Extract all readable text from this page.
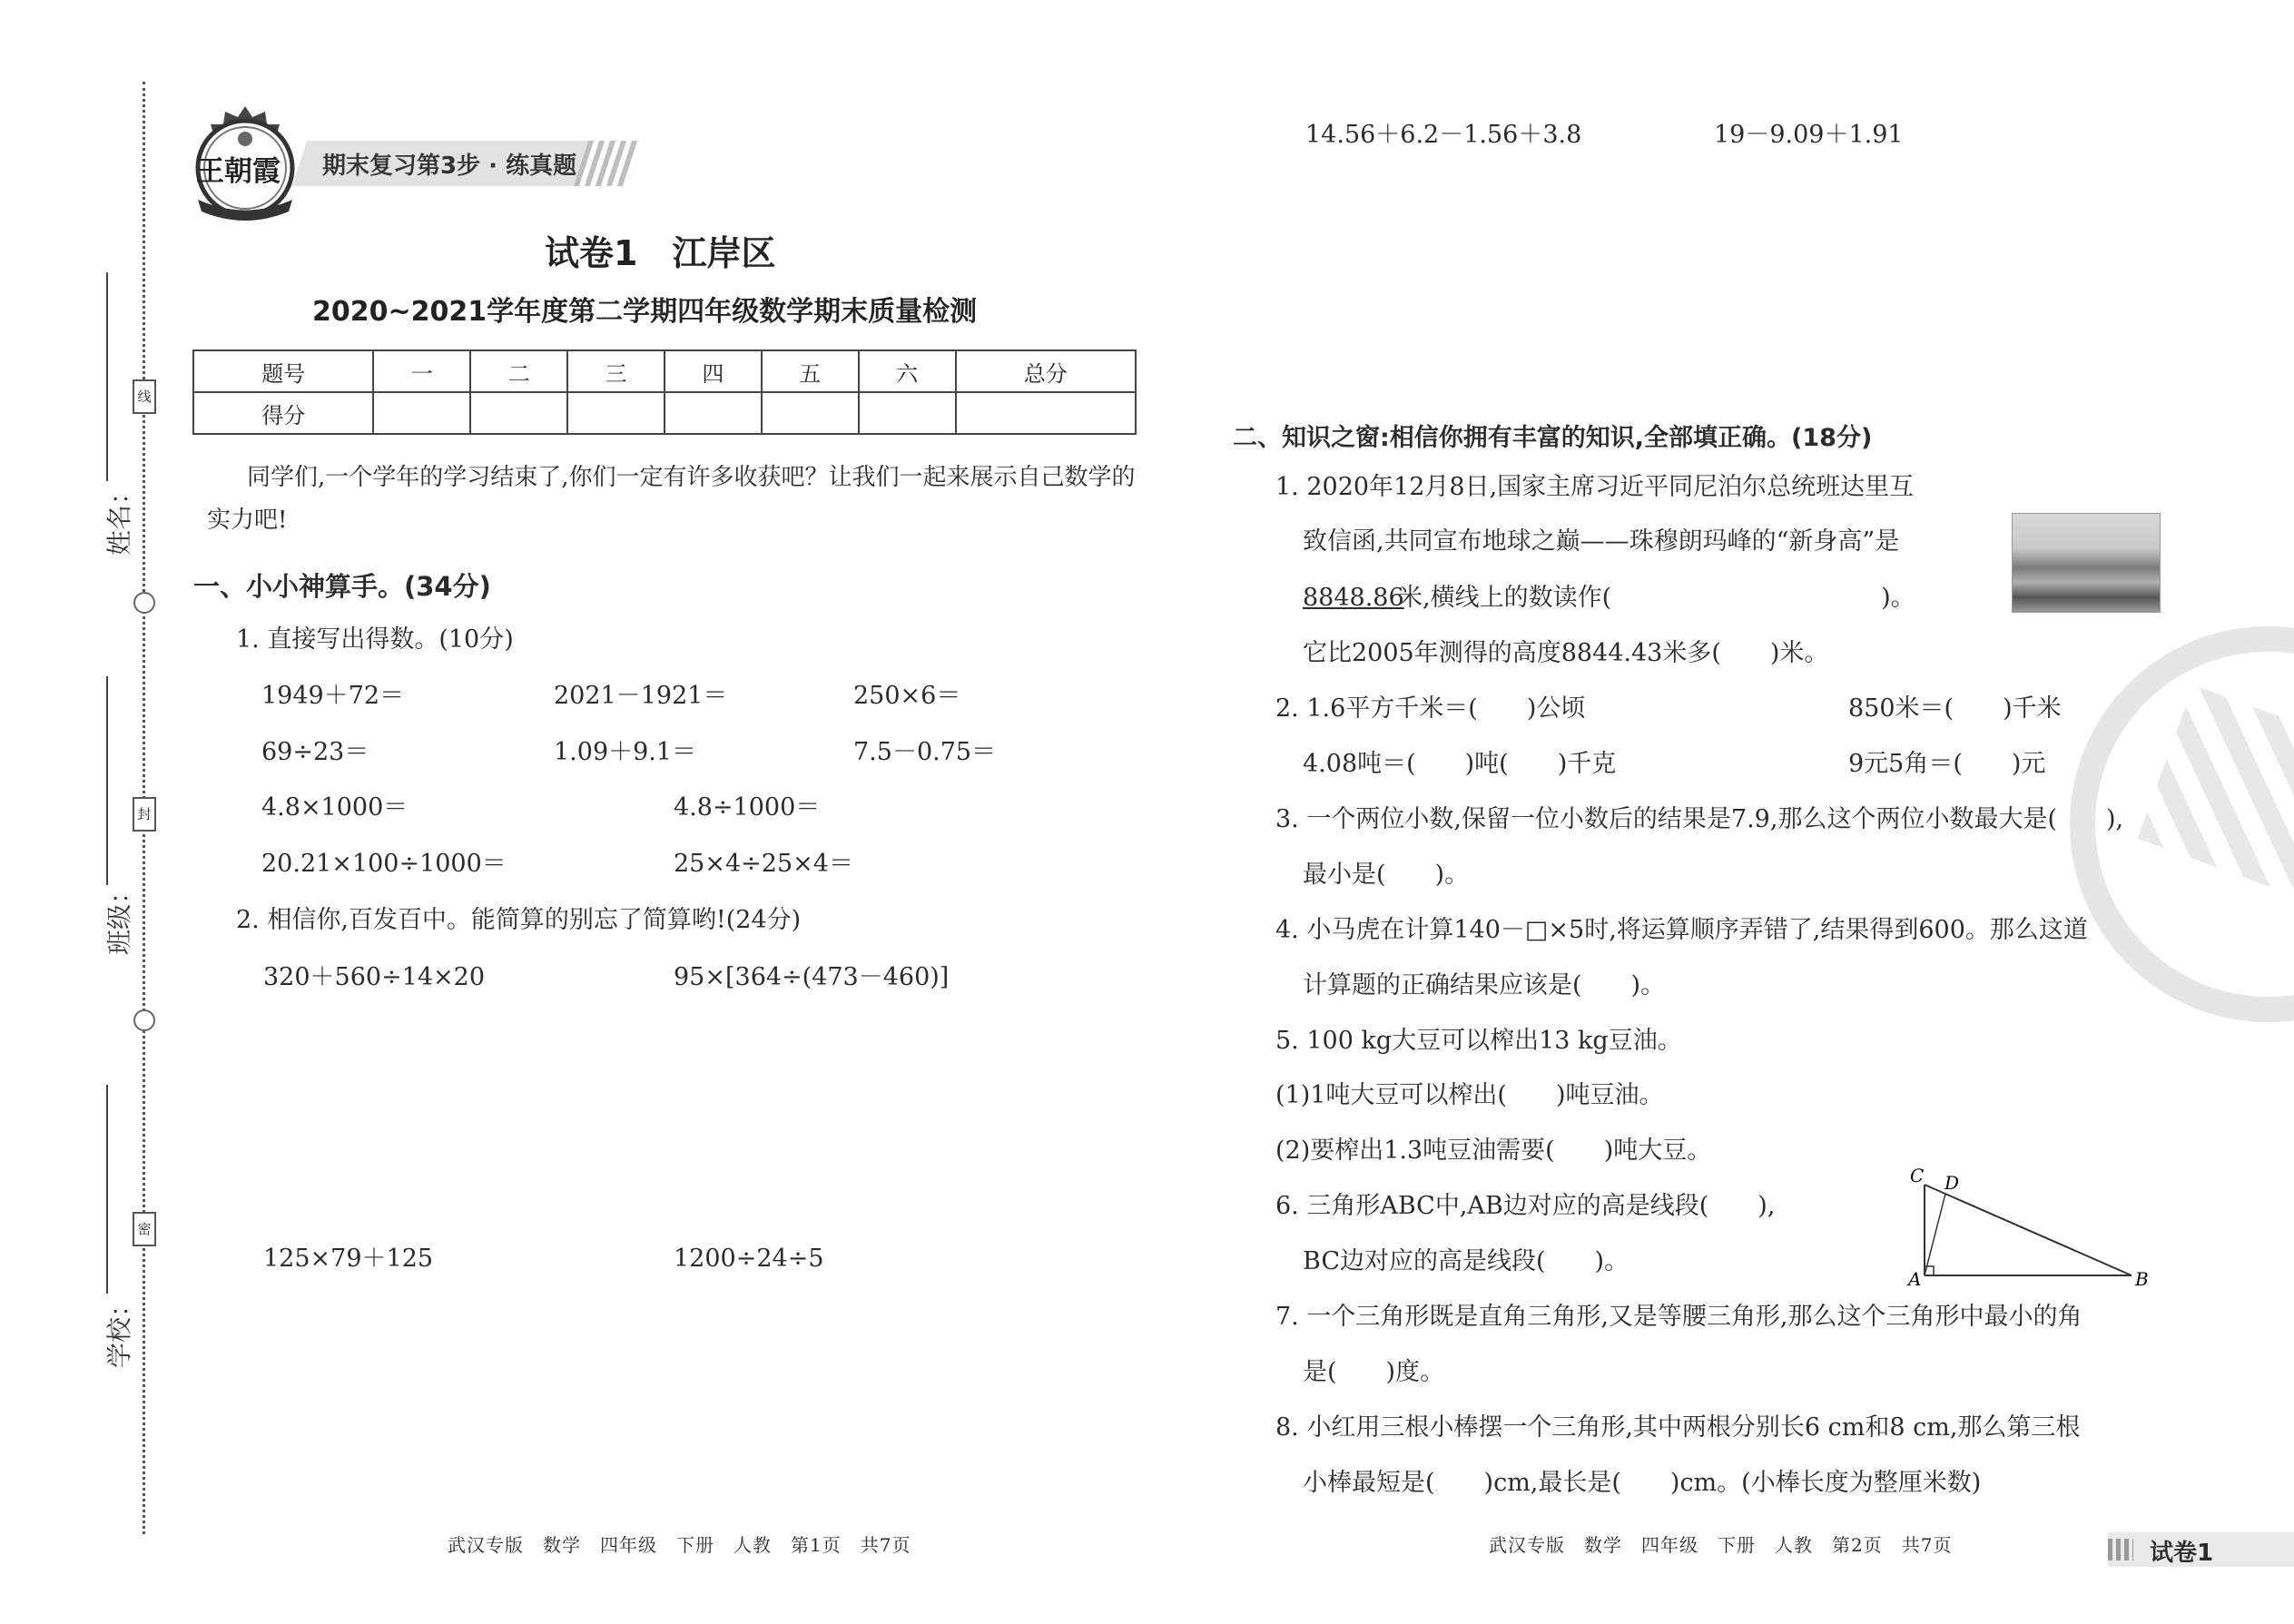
姓名：
班级：
学校：
线
封
密
期末复习第3步 · 练真题
王朝霞
试卷1　江岸区
2020~2021学年度第二学期四年级数学期末质量检测
题号	一	二	三	四	五	六	总分
得分							
同学们,一个学年的学习结束了,你们一定有许多收获吧？让我们一起来展示自己数学的
实力吧!
一、小小神算手。(34分)
1. 直接写出得数。(10分)
1949＋72＝	2021－1921＝	250×6＝
69÷23＝	1.09＋9.1＝	7.5－0.75＝
4.8×1000＝	4.8÷1000＝
20.21×100÷1000＝	25×4÷25×4＝
2. 相信你,百发百中。能简算的别忘了简算哟!(24分)
320＋560÷14×20	95×[364÷(473－460)]
125×79＋125	1200÷24÷5
14.56＋6.2－1.56＋3.8	19－9.09＋1.91
武汉专版　数学　四年级　下册　人教　第1页　共7页
二、知识之窗:相信你拥有丰富的知识,全部填正确。(18分)
1. 2020年12月8日,国家主席习近平同尼泊尔总统班达里互
致信函,共同宣布地球之巅——珠穆朗玛峰的“新身高”是
8848.86
米,横线上的数读作(　　　　　　　　　　　)。
它比2005年测得的高度8844.43米多(　　)米。
2. 1.6平方千米＝(　　)公顷	850米＝(　　)千米
4.08吨＝(　　)吨(　　)千克	9元5角＝(　　)元
3. 一个两位小数,保留一位小数后的结果是7.9,那么这个两位小数最大是(　　),
最小是(　　)。
4. 小马虎在计算140－□×5时,将运算顺序弄错了,结果得到600。那么这道
计算题的正确结果应该是(　　)。
5. 100 kg大豆可以榨出13 kg豆油。
(1)1吨大豆可以榨出(　　)吨豆油。
(2)要榨出1.3吨豆油需要(　　)吨大豆。
6. 三角形ABC中,AB边对应的高是线段(　　),
BC边对应的高是线段(　　)。
C D
A	B
7. 一个三角形既是直角三角形,又是等腰三角形,那么这个三角形中最小的角
是(　　)度。
8. 小红用三根小棒摆一个三角形,其中两根分别长6 cm和8 cm,那么第三根
小棒最短是(　　)cm,最长是(　　)cm。(小棒长度为整厘米数)
武汉专版　数学　四年级　下册　人教　第2页　共7页	试卷1
